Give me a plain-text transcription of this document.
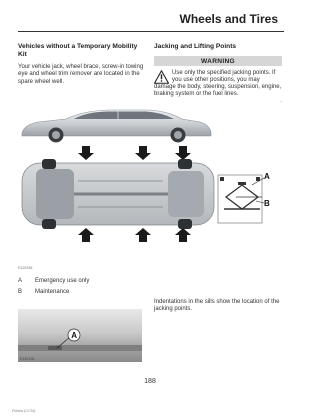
Wheels and Tires
Vehicles without a Temporary Mobility Kit

Your vehicle jack, wheel brace, screw-in towing eye and wheel trim remover are located in the spare wheel well.

Jacking and Lifting Points
WARNING
Use only the specified jacking points. If you use other positions, you may damage the body, steering, suspension, engine, braking system or the fuel lines.
.
A
B
E125338
A	Emergency use only
B	Maintenance
A
E130136

Indentations in the sills show the location of the jacking points.

188
Fiesta (CCN)
